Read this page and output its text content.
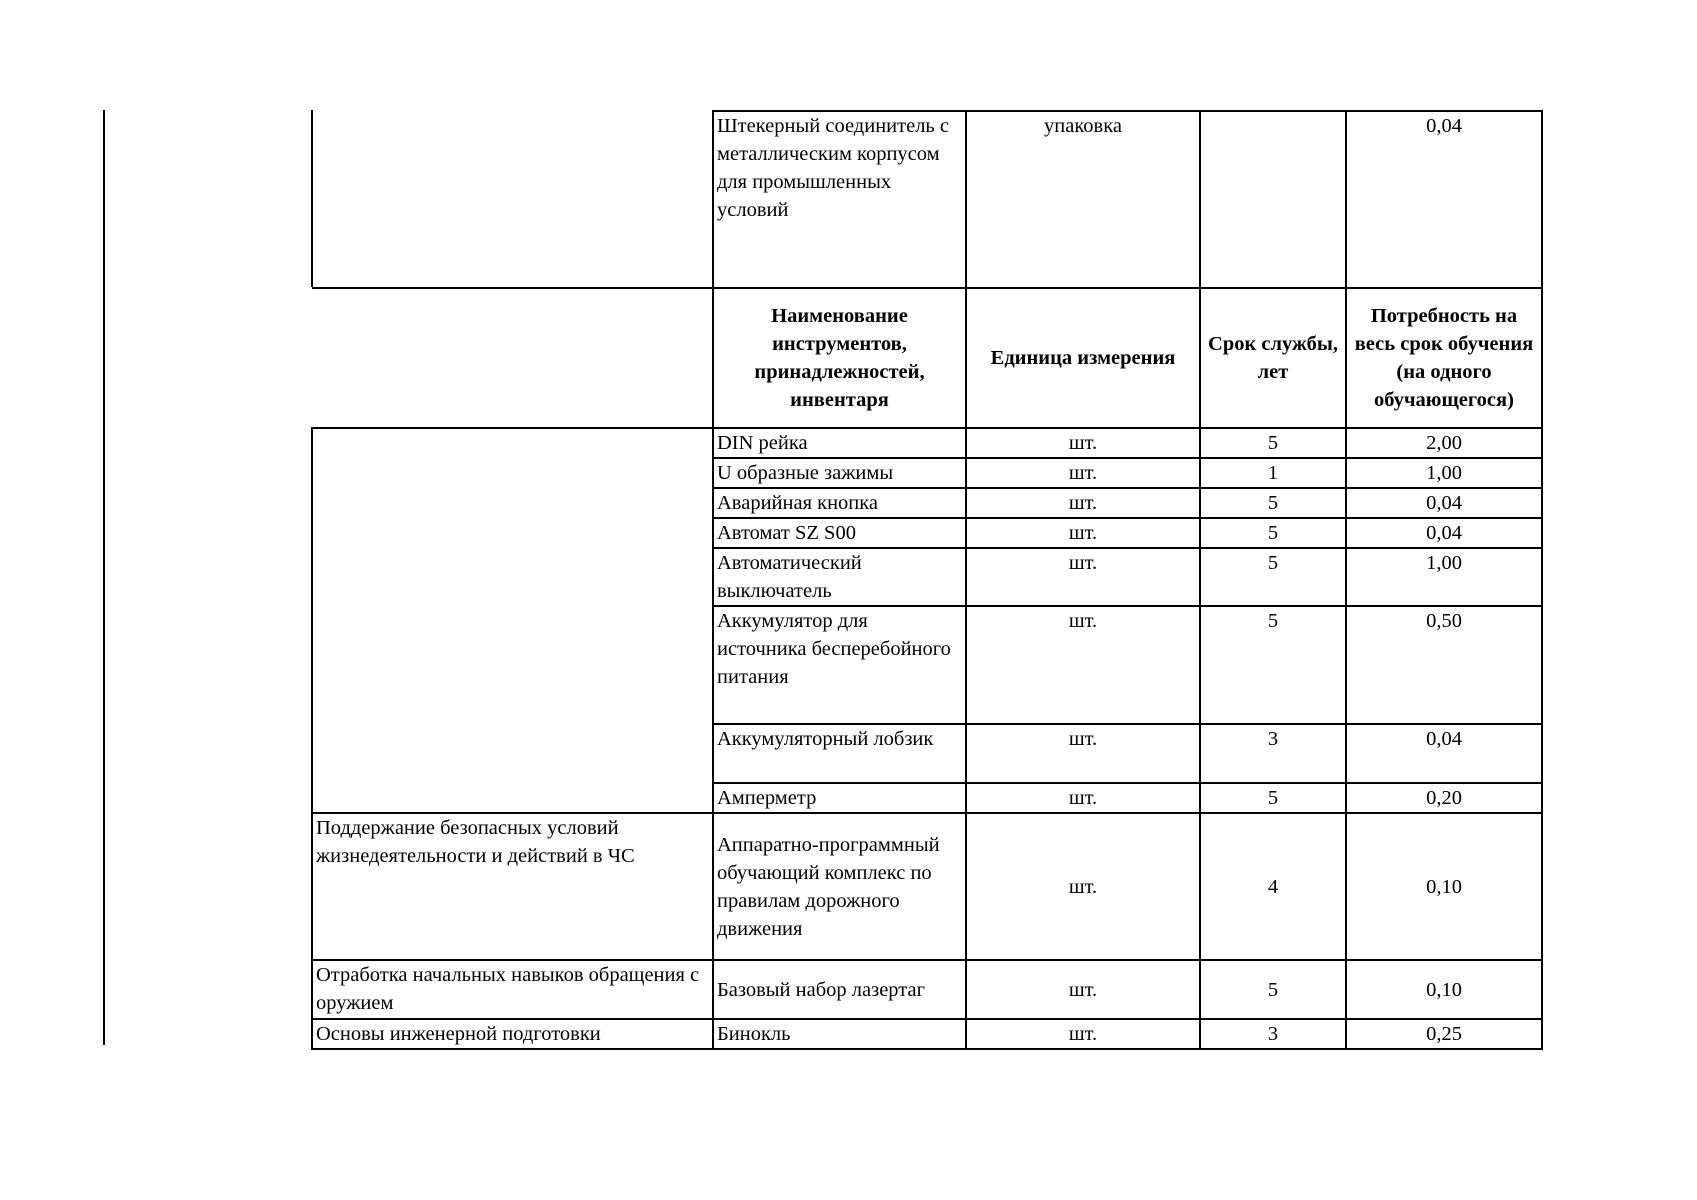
	Штекерный соединитель с металлическим корпусом для промышленных условий	упаковка		0,04
	Наименование инструментов, принадлежностей, инвентаря	Единица измерения	Срок службы, лет	Потребность на весь срок обучения (на одного обучающегося)
	DIN рейка	шт.	5	2,00
	U образные зажимы	шт.	1	1,00
	Аварийная кнопка	шт.	5	0,04
	Автомат SZ S00	шт.	5	0,04
	Автоматический выключатель	шт.	5	1,00
	Аккумулятор для источника бесперебойного питания	шт.	5	0,50
	Аккумуляторный лобзик	шт.	3	0,04
	Амперметр	шт.	5	0,20
Поддержание безопасных условий жизнедеятельности и действий в ЧС	Аппаратно-программный обучающий комплекс по правилам дорожного движения	шт.	4	0,10
Отработка начальных навыков обращения с оружием	Базовый набор лазертаг	шт.	5	0,10
Основы инженерной подготовки	Бинокль	шт.	3	0,25
